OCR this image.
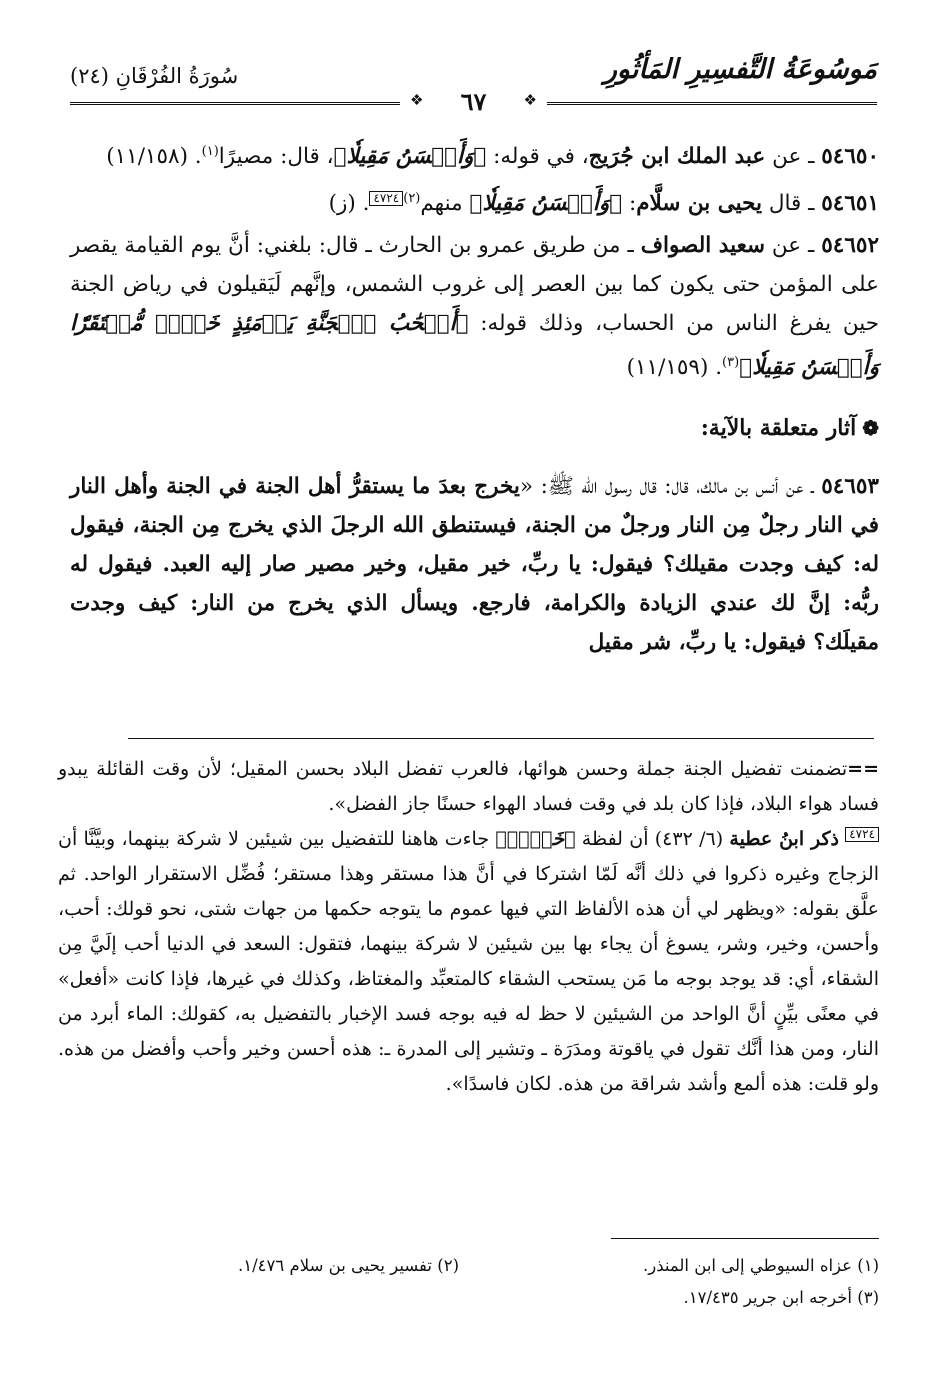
مَوسُوعَةُ التَّفسِيرِ المَأثُورِ
سُورَةُ الفُرْقَانِ (٢٤)
❖
٦٧
❖

٥٤٦٥٠ ـ عن عبد الملك ابن جُرَيج، في قوله: ﴿وَأَحۡسَنُ مَقِيلٗا﴾، قال: مصيرًا$^{(١)}$. (١١/١٥٨)

٥٤٦٥١ ـ قال يحيى بن سلَّام: ﴿وَأَحۡسَنُ مَقِيلٗا﴾ منهم$^{(٢)}$٤٧٢٤. (ز)

٥٤٦٥٢ ـ عن سعيد الصواف ـ من طريق عمرو بن الحارث ـ قال: بلغني: أنَّ يوم القيامة يقصر على المؤمن حتى يكون كما بين العصر إلى غروب الشمس، وإنَّهم لَيَقيلون في رياض الجنة حين يفرغ الناس من الحساب، وذلك قوله: ﴿أَصۡحَٰبُ ٱلۡجَنَّةِ يَوۡمَئِذٍ خَيۡرٞ مُّسۡتَقَرّٗا وَأَحۡسَنُ مَقِيلٗا﴾$^{(٣)}$. (١١/١٥٩)

❁آثار متعلقة بالآية:

٥٤٦٥٣ ـ عن أنس بن مالك، قال: قال رسول الله ﷺ: «يخرج بعدَ ما يستقرُّ أهل الجنة في الجنة وأهل النار في النار رجلٌ مِن النار ورجلٌ من الجنة، فيستنطق الله الرجلَ الذي يخرج مِن الجنة، فيقول له: كيف وجدت مقيلك؟ فيقول: يا ربِّ، خير مقيل، وخير مصير صار إليه العبد. فيقول له ربُّه: إنَّ لك عندي الزيادة والكرامة، فارجع. ويسأل الذي يخرج من النار: كيف وجدت مقيلَك؟ فيقول: يا ربِّ، شر مقيل

==تضمنت تفضيل الجنة جملة وحسن هوائها، فالعرب تفضل البلاد بحسن المقيل؛ لأن وقت القائلة يبدو فساد هواء البلاد، فإذا كان بلد في وقت فساد الهواء حسنًا جاز الفضل».

٤٧٢٤ ذكر ابنُ عطية (٦/ ٤٣٢) أن لفظة ﴿خَيۡرٞ﴾ جاءت هاهنا للتفضيل بين شيئين لا شركة بينهما، وبيَّنَّا أن الزجاج وغيره ذكروا في ذلك أنَّه لَمّا اشتركا في أنَّ هذا مستقر وهذا مستقر؛ فُضِّل الاستقرار الواحد. ثم علَّق بقوله: «ويظهر لي أن هذه الألفاظ التي فيها عموم ما يتوجه حكمها من جهات شتى، نحو قولك: أحب، وأحسن، وخير، وشر، يسوغ أن يجاء بها بين شيئين لا شركة بينهما، فتقول: السعد في الدنيا أحب إلَيَّ مِن الشقاء، أي: قد يوجد بوجه ما مَن يستحب الشقاء كالمتعبِّد والمغتاظ، وكذلك في غيرها، فإذا كانت «أفعل» في معنًى بيِّنٍ أنَّ الواحد من الشيئين لا حظ له فيه بوجه فسد الإخبار بالتفضيل به، كقولك: الماء أبرد من النار، ومن هذا أنَّك تقول في ياقوتة ومدَرَة ـ وتشير إلى المدرة ـ: هذه أحسن وخير وأحب وأفضل من هذه. ولو قلت: هذه ألمع وأشد شراقة من هذه. لكان فاسدًا».

(١) عزاه السيوطي إلى ابن المنذر.
(٢) تفسير يحيى بن سلام ١/٤٧٦.
(٣) أخرجه ابن جرير ١٧/٤٣٥.
